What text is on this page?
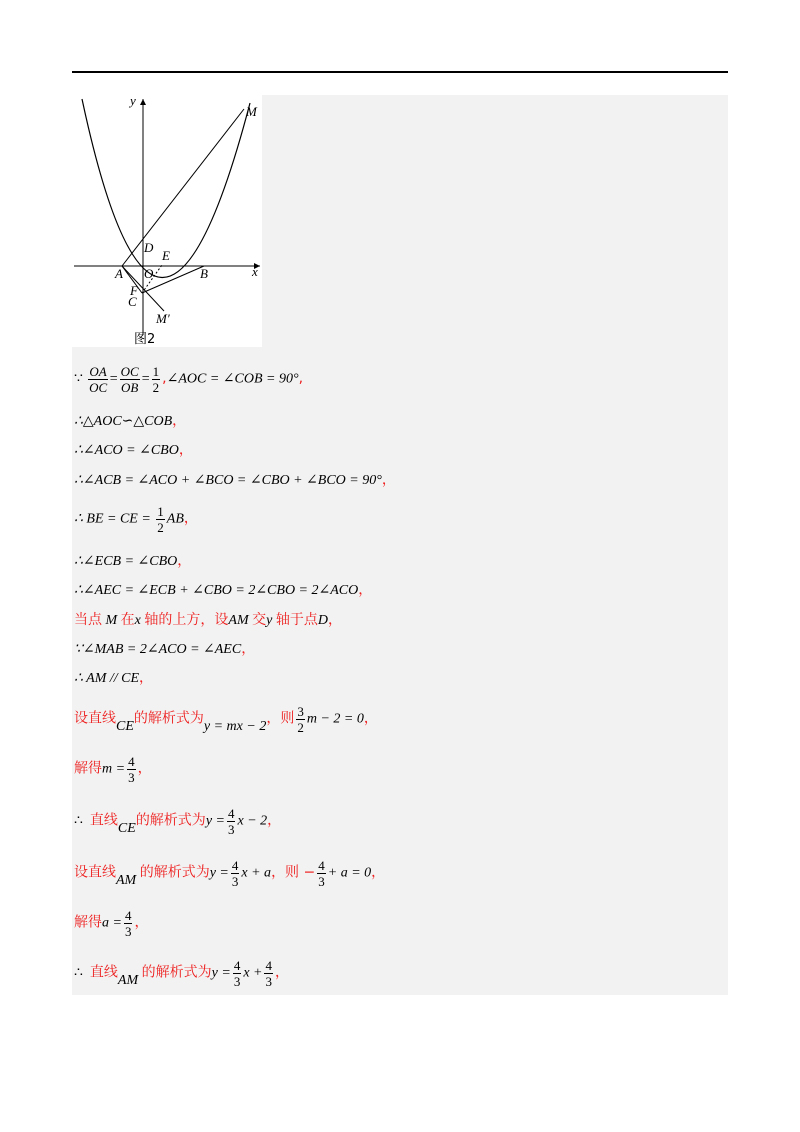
y
x
M
D
E
A O	B
F
C
M′
图2
∵ $\frac{OA}{OC} = \frac{OC}{OB} = \frac{1}{2}$ ,∠AOC = ∠COB = 90°,
∴△AOC∽△COB，
∴∠ACO = ∠CBO，
∴∠ACB = ∠ACO + ∠BCO = ∠CBO + ∠BCO = 90°，
∴ BE = CE = $\frac{1}{2}$ AB，
∴∠ECB = ∠CBO，
∴∠AEC = ∠ECB + ∠CBO = 2∠CBO = 2∠ACO，
当点 M 在x 轴的上方，设AM 交y 轴于点D，
∵∠MAB = 2∠ACO = ∠AEC，
∴ AM // CE，
设直线CE的解析式为y = mx − 2，则 $\frac{3}{2}$ m − 2 = 0，
解得$m = \frac{4}{3}$ ，
∴ 直线CE的解析式为$y = \frac{4}{3}$ x − 2，
设直线AM 的解析式为$y = \frac{4}{3}$ x + a，则 − $\frac{4}{3} + a = 0$，
解得$a = \frac{4}{3}$ ，
∴ 直线AM 的解析式为$y = \frac{4}{3}$ $x + \frac{4}{3}$ ，
